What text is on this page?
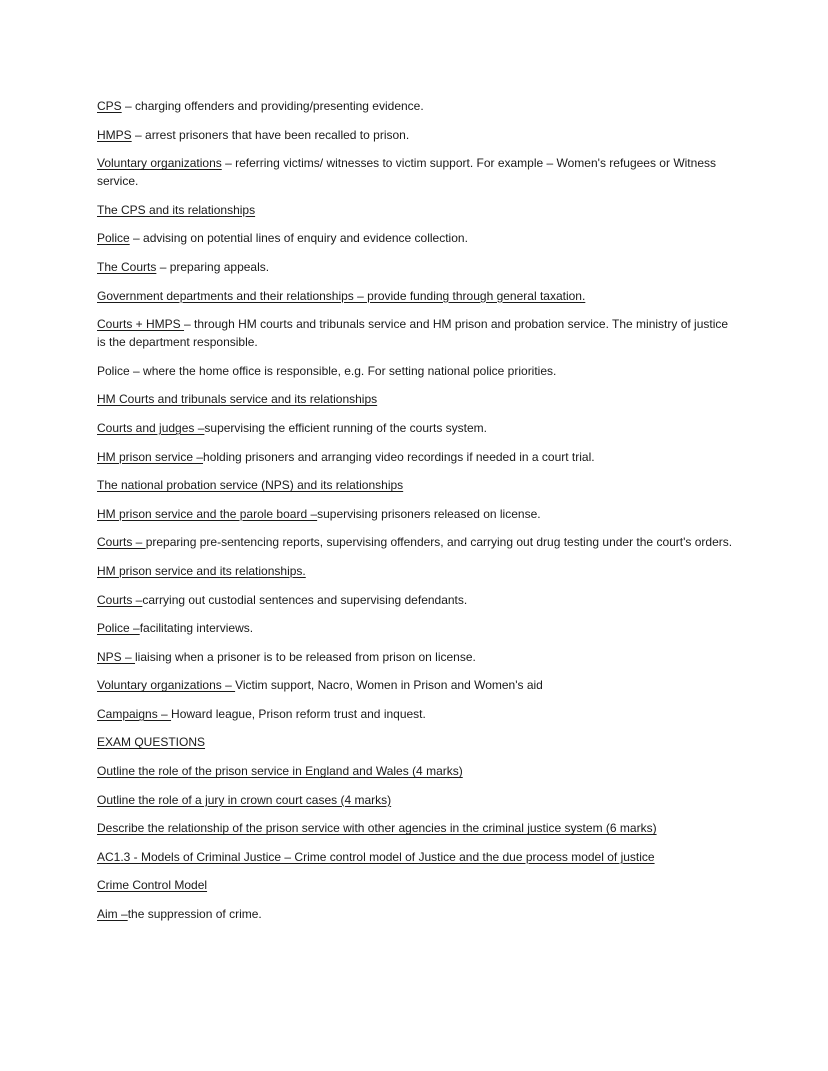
CPS – charging offenders and providing/presenting evidence.

HMPS – arrest prisoners that have been recalled to prison.

Voluntary organizations – referring victims/ witnesses to victim support. For example – Women's refugees or Witness service.

The CPS and its relationships

Police – advising on potential lines of enquiry and evidence collection.

The Courts – preparing appeals.

Government departments and their relationships – provide funding through general taxation.

Courts + HMPS – through HM courts and tribunals service and HM prison and probation service. The ministry of justice is the department responsible.

Police – where the home office is responsible, e.g. For setting national police priorities.

HM Courts and tribunals service and its relationships

Courts and judges –supervising the efficient running of the courts system.

HM prison service –holding prisoners and arranging video recordings if needed in a court trial.

The national probation service (NPS) and its relationships

HM prison service and the parole board –supervising prisoners released on license.

Courts – preparing pre-sentencing reports, supervising offenders, and carrying out drug testing under the court's orders.

HM prison service and its relationships.

Courts –carrying out custodial sentences and supervising defendants.

Police –facilitating interviews.

NPS – liaising when a prisoner is to be released from prison on license.

Voluntary organizations – Victim support, Nacro, Women in Prison and Women's aid

Campaigns – Howard league, Prison reform trust and inquest.

EXAM QUESTIONS

Outline the role of the prison service in England and Wales (4 marks)

Outline the role of a jury in crown court cases (4 marks)

Describe the relationship of the prison service with other agencies in the criminal justice system (6 marks)

AC1.3 - Models of Criminal Justice – Crime control model of Justice and the due process model of justice

Crime Control Model

Aim –the suppression of crime.
